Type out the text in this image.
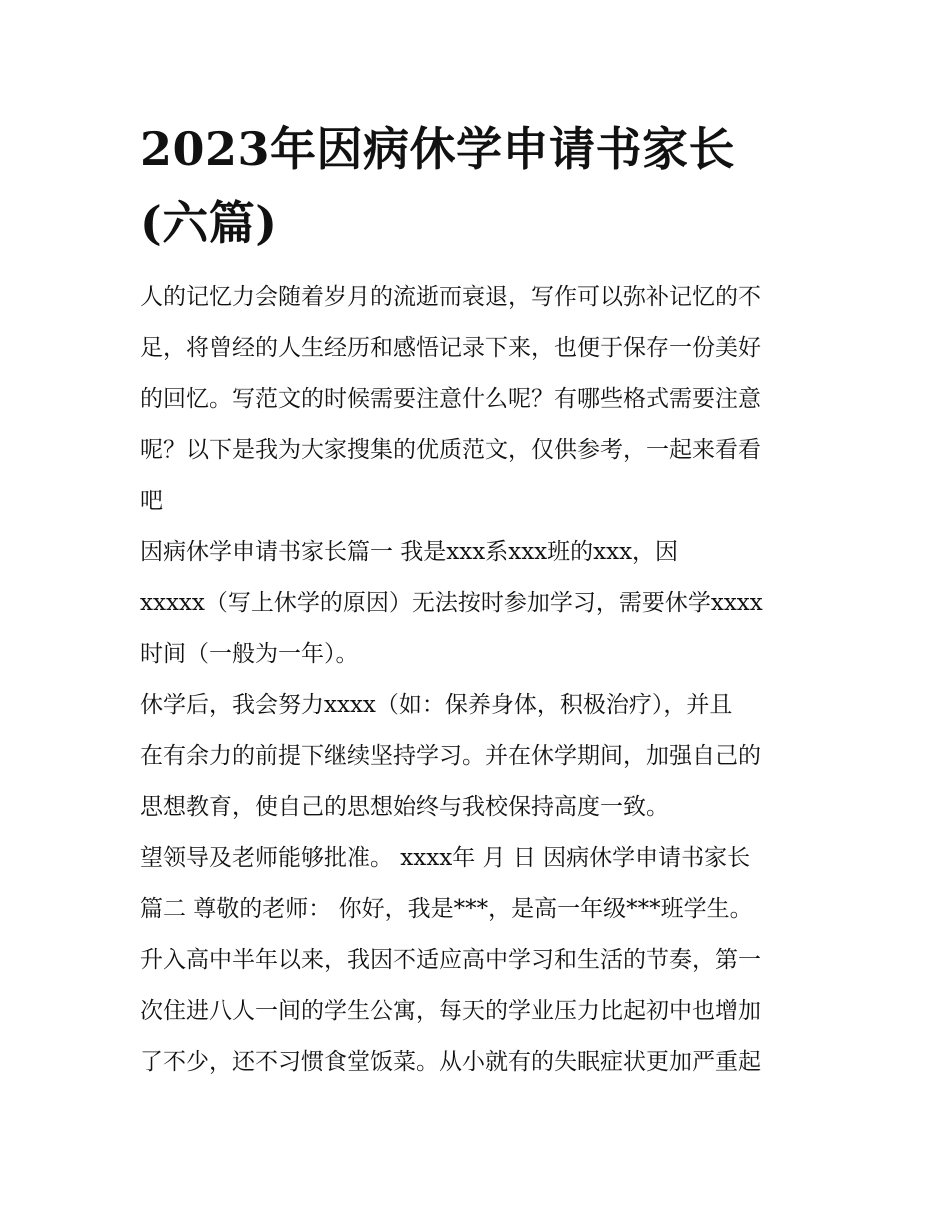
2023年因病休学申请书家长
(六篇)
人的记忆力会随着岁月的流逝而衰退，写作可以弥补记忆的不
足，将曾经的人生经历和感悟记录下来，也便于保存一份美好
的回忆。写范文的时候需要注意什么呢？有哪些格式需要注意
呢？以下是我为大家搜集的优质范文，仅供参考，一起来看看
吧
因病休学申请书家长篇一 我是xxx系xxx班的xxx，因
xxxxx（写上休学的原因）无法按时参加学习，需要休学xxxx
时间（一般为一年）。
休学后，我会努力xxxx（如：保养身体，积极治疗），并且
在有余力的前提下继续坚持学习。并在休学期间，加强自己的
思想教育，使自己的思想始终与我校保持高度一致。
望领导及老师能够批准。 xxxx年 月 日 因病休学申请书家长
篇二 尊敬的老师： 你好，我是***，是高一年级***班学生。
升入高中半年以来，我因不适应高中学习和生活的节奏，第一
次住进八人一间的学生公寓，每天的学业压力比起初中也增加
了不少，还不习惯食堂饭菜。从小就有的失眠症状更加严重起
